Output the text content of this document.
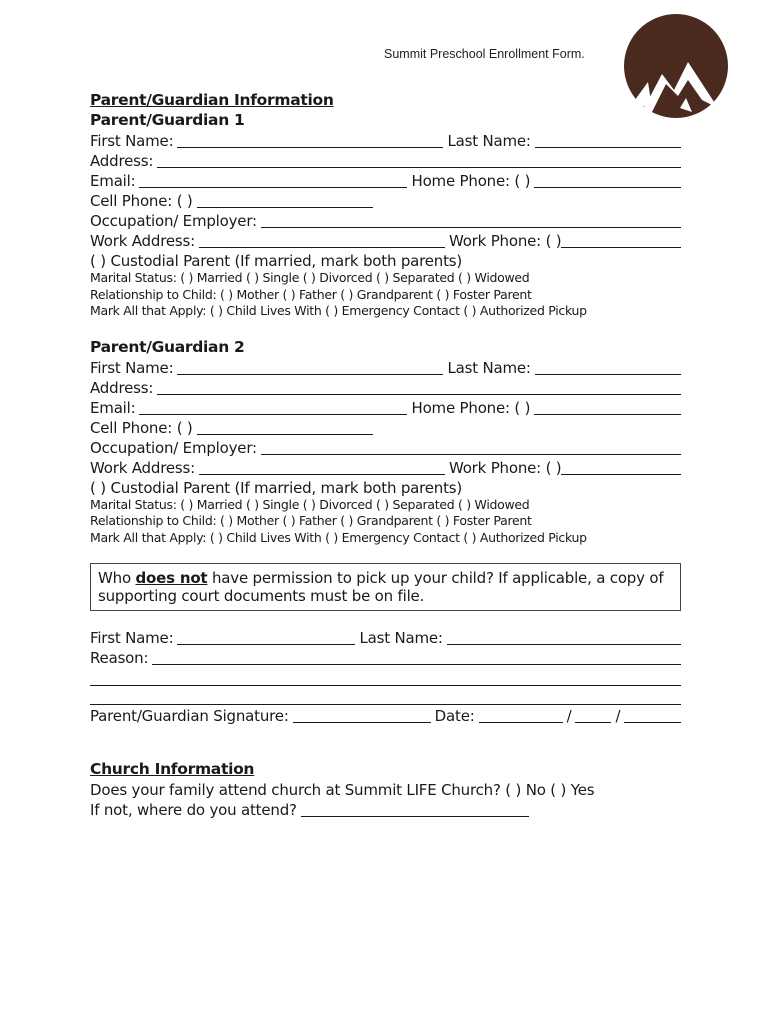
Summit Preschool Enrollment Form.
Parent/Guardian Information
Parent/Guardian 1
First Name:	Last Name:
Address:
Email:	Home Phone: ( )
Cell Phone: ( )
Occupation/ Employer:
Work Address:	Work Phone: ( )
( ) Custodial Parent (If married, mark both parents)
Marital Status: ( ) Married ( ) Single ( ) Divorced ( ) Separated ( ) Widowed
Relationship to Child: ( ) Mother ( ) Father ( ) Grandparent ( ) Foster Parent
Mark All that Apply: ( ) Child Lives With ( ) Emergency Contact ( ) Authorized Pickup
Parent/Guardian 2
First Name:	Last Name:
Address:
Email:	Home Phone: ( )
Cell Phone: ( )
Occupation/ Employer:
Work Address:	Work Phone: ( )
( ) Custodial Parent (If married, mark both parents)
Marital Status: ( ) Married ( ) Single ( ) Divorced ( ) Separated ( ) Widowed
Relationship to Child: ( ) Mother ( ) Father ( ) Grandparent ( ) Foster Parent
Mark All that Apply: ( ) Child Lives With ( ) Emergency Contact ( ) Authorized Pickup
Who does not have permission to pick up your child? If applicable, a copy of supporting court documents must be on file.
First Name:	Last Name:
Reason:
Parent/Guardian Signature:	Date:	/	/
Church Information
Does your family attend church at Summit LIFE Church? ( ) No ( ) Yes
If not, where do you attend?
